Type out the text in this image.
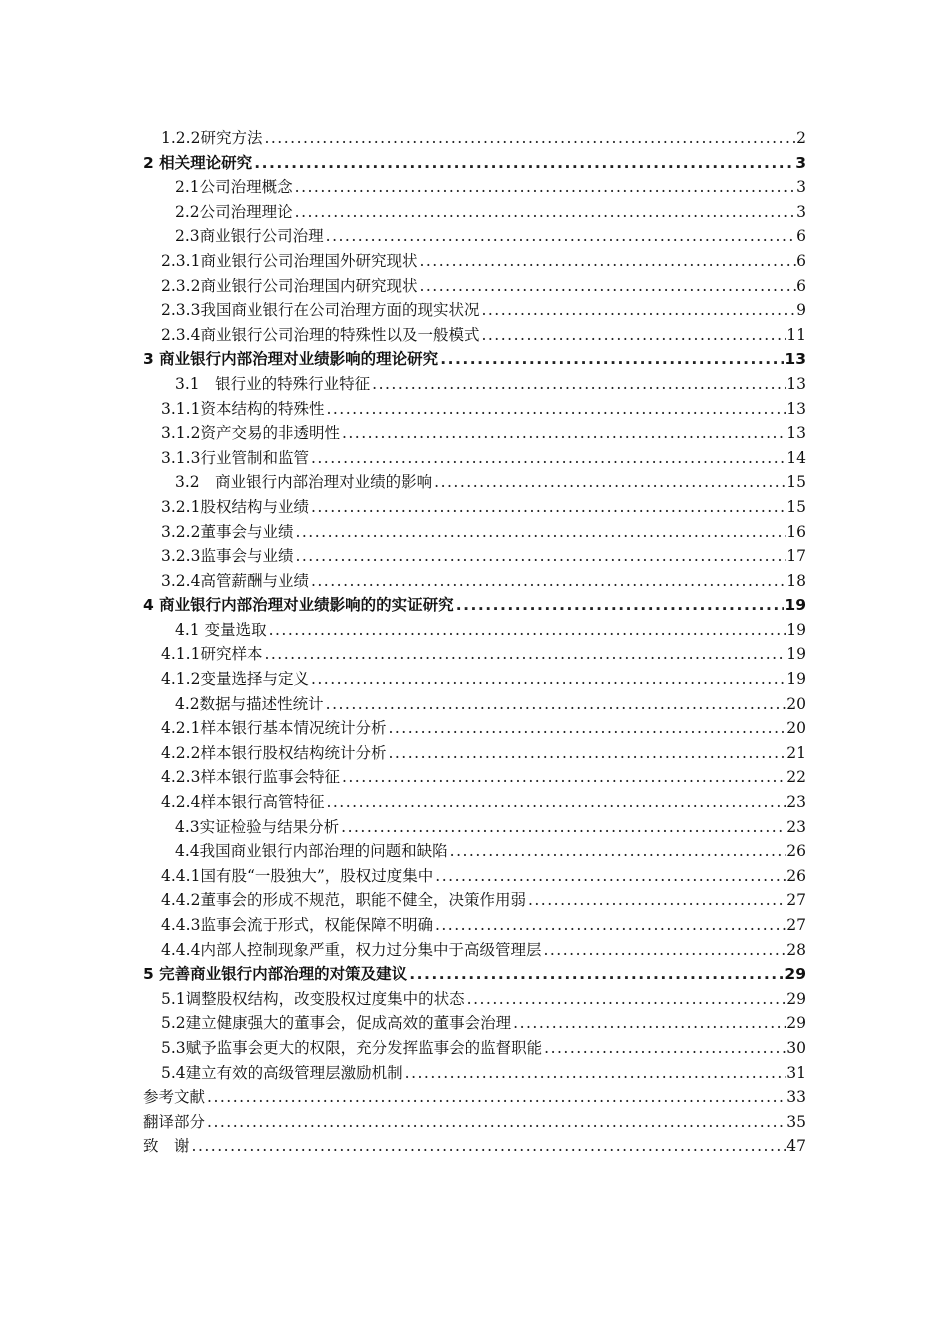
1.2.2研究方法 .....	2
2 相关理论研究 .....	3
2.1公司治理概念 .....	3
2.2公司治理理论 .....	3
2.3商业银行公司治理 .....	6
2.3.1商业银行公司治理国外研究现状 .....	6
2.3.2商业银行公司治理国内研究现状 .....	6
2.3.3我国商业银行在公司治理方面的现实状况 .....	9
2.3.4商业银行公司治理的特殊性以及一般模式 .....	11
3 商业银行内部治理对业绩影响的理论研究 .....	13
3.1　银行业的特殊行业特征 .....	13
3.1.1资本结构的特殊性 .....	13
3.1.2资产交易的非透明性 .....	13
3.1.3行业管制和监管 .....	14
3.2　商业银行内部治理对业绩的影响 .....	15
3.2.1股权结构与业绩 .....	15
3.2.2董事会与业绩 .....	16
3.2.3监事会与业绩 .....	17
3.2.4高管薪酬与业绩 .....	18
4 商业银行内部治理对业绩影响的的实证研究 .....	19
4.1 变量选取 .....	19
4.1.1研究样本 .....	19
4.1.2变量选择与定义 .....	19
4.2数据与描述性统计 .....	20
4.2.1样本银行基本情况统计分析 .....	20
4.2.2样本银行股权结构统计分析 .....	21
4.2.3样本银行监事会特征 .....	22
4.2.4样本银行高管特征 .....	23
4.3实证检验与结果分析 .....	23
4.4我国商业银行内部治理的问题和缺陷 .....	26
4.4.1国有股“一股独大”，股权过度集中 .....	26
4.4.2董事会的形成不规范，职能不健全，决策作用弱 .....	27
4.4.3监事会流于形式，权能保障不明确 .....	27
4.4.4内部人控制现象严重，权力过分集中于高级管理层 .....	28
5 完善商业银行内部治理的对策及建议 .....	29
5.1调整股权结构，改变股权过度集中的状态 .....	29
5.2建立健康强大的董事会，促成高效的董事会治理 .....	29
5.3赋予监事会更大的权限，充分发挥监事会的监督职能 .....	30
5.4建立有效的高级管理层激励机制 .....	31
参考文献 .....	33
翻译部分 .....	35
致　谢 .....	47
